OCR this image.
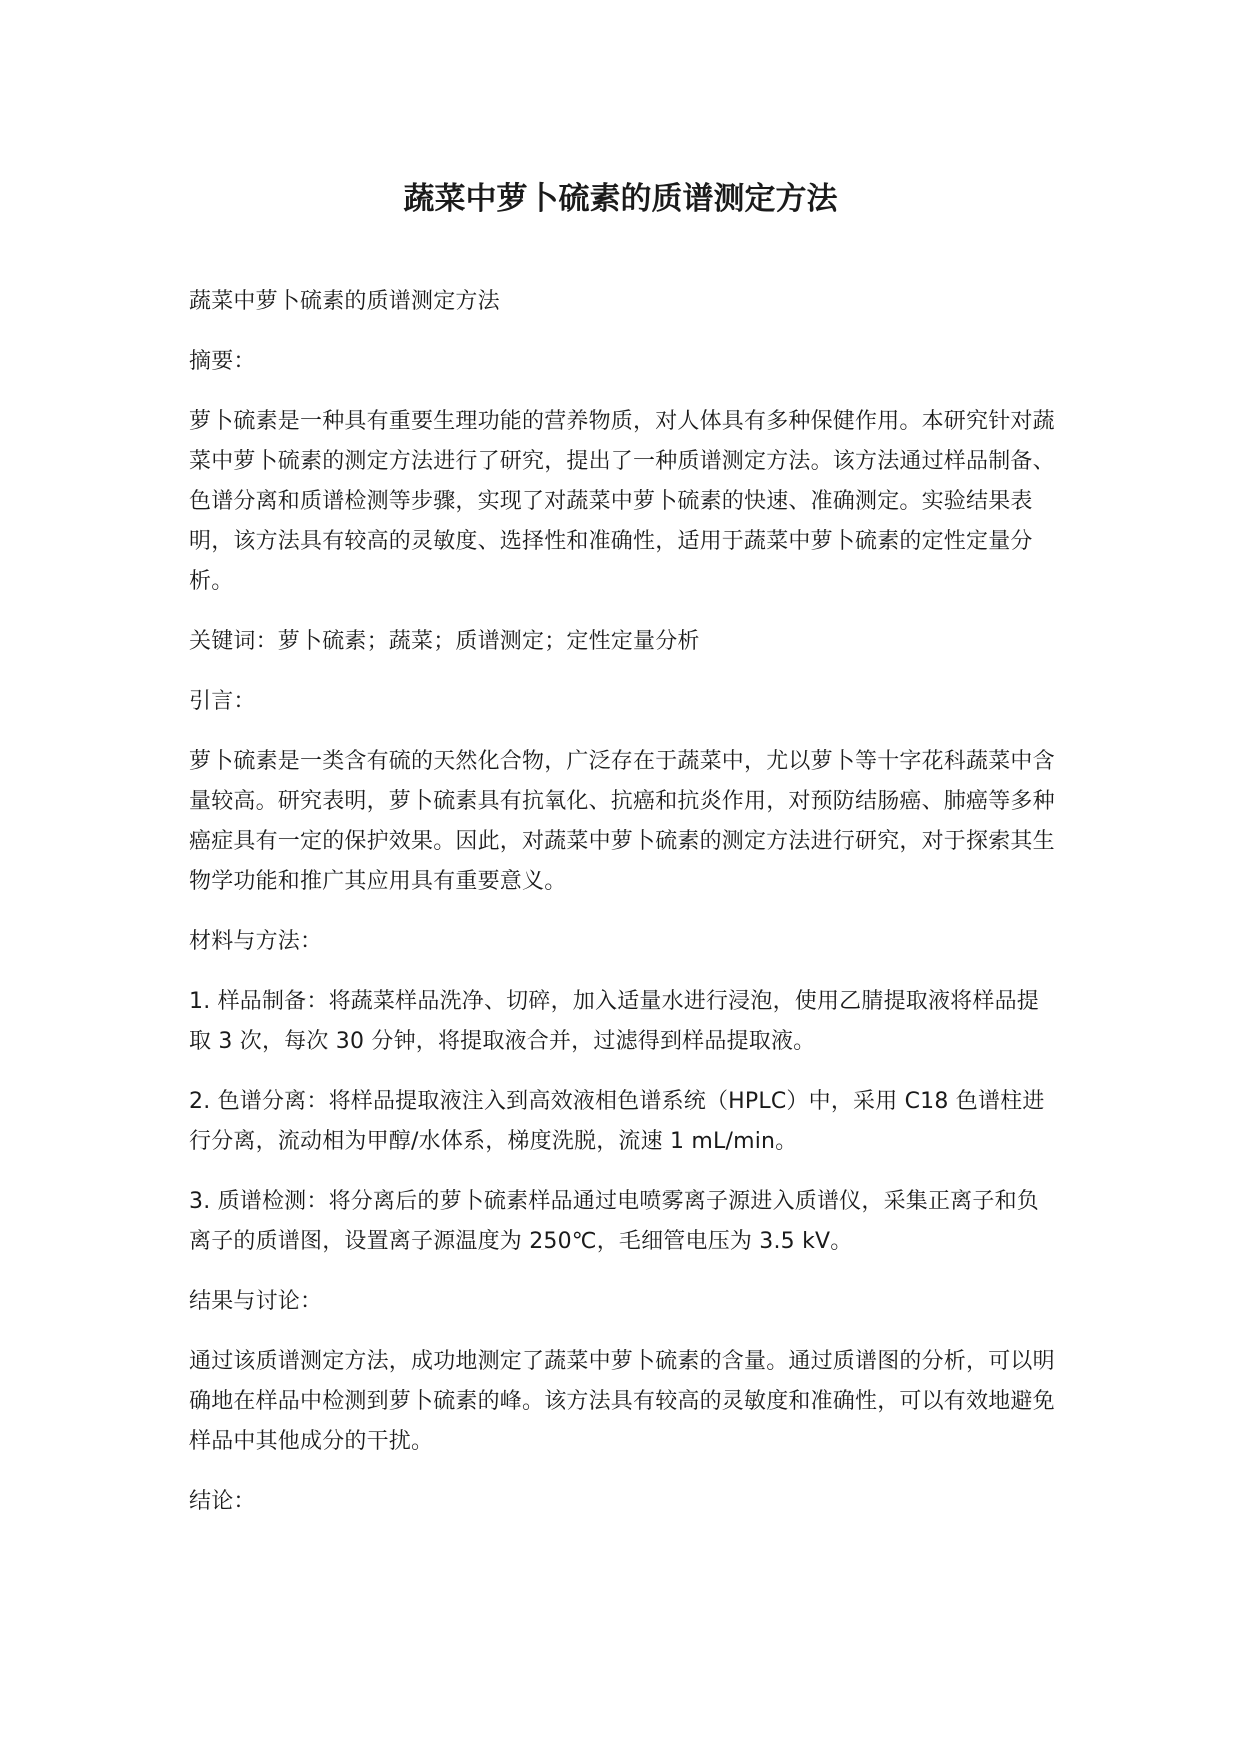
蔬菜中萝卜硫素的质谱测定方法

蔬菜中萝卜硫素的质谱测定方法

摘要：

萝卜硫素是一种具有重要生理功能的营养物质，对人体具有多种保健作用。本研究针对蔬菜中萝卜硫素的测定方法进行了研究，提出了一种质谱测定方法。该方法通过样品制备、色谱分离和质谱检测等步骤，实现了对蔬菜中萝卜硫素的快速、准确测定。实验结果表明，该方法具有较高的灵敏度、选择性和准确性，适用于蔬菜中萝卜硫素的定性定量分析。

关键词：萝卜硫素；蔬菜；质谱测定；定性定量分析

引言：

萝卜硫素是一类含有硫的天然化合物，广泛存在于蔬菜中，尤以萝卜等十字花科蔬菜中含量较高。研究表明，萝卜硫素具有抗氧化、抗癌和抗炎作用，对预防结肠癌、肺癌等多种癌症具有一定的保护效果。因此，对蔬菜中萝卜硫素的测定方法进行研究，对于探索其生物学功能和推广其应用具有重要意义。

材料与方法：

1. 样品制备：将蔬菜样品洗净、切碎，加入适量水进行浸泡，使用乙腈提取液将样品提取 3 次，每次 30 分钟，将提取液合并，过滤得到样品提取液。

2. 色谱分离：将样品提取液注入到高效液相色谱系统（HPLC）中，采用 C18 色谱柱进行分离，流动相为甲醇/水体系，梯度洗脱，流速 1 mL/min。

3. 质谱检测：将分离后的萝卜硫素样品通过电喷雾离子源进入质谱仪，采集正离子和负离子的质谱图，设置离子源温度为 250℃，毛细管电压为 3.5 kV。

结果与讨论：

通过该质谱测定方法，成功地测定了蔬菜中萝卜硫素的含量。通过质谱图的分析，可以明确地在样品中检测到萝卜硫素的峰。该方法具有较高的灵敏度和准确性，可以有效地避免样品中其他成分的干扰。

结论：
